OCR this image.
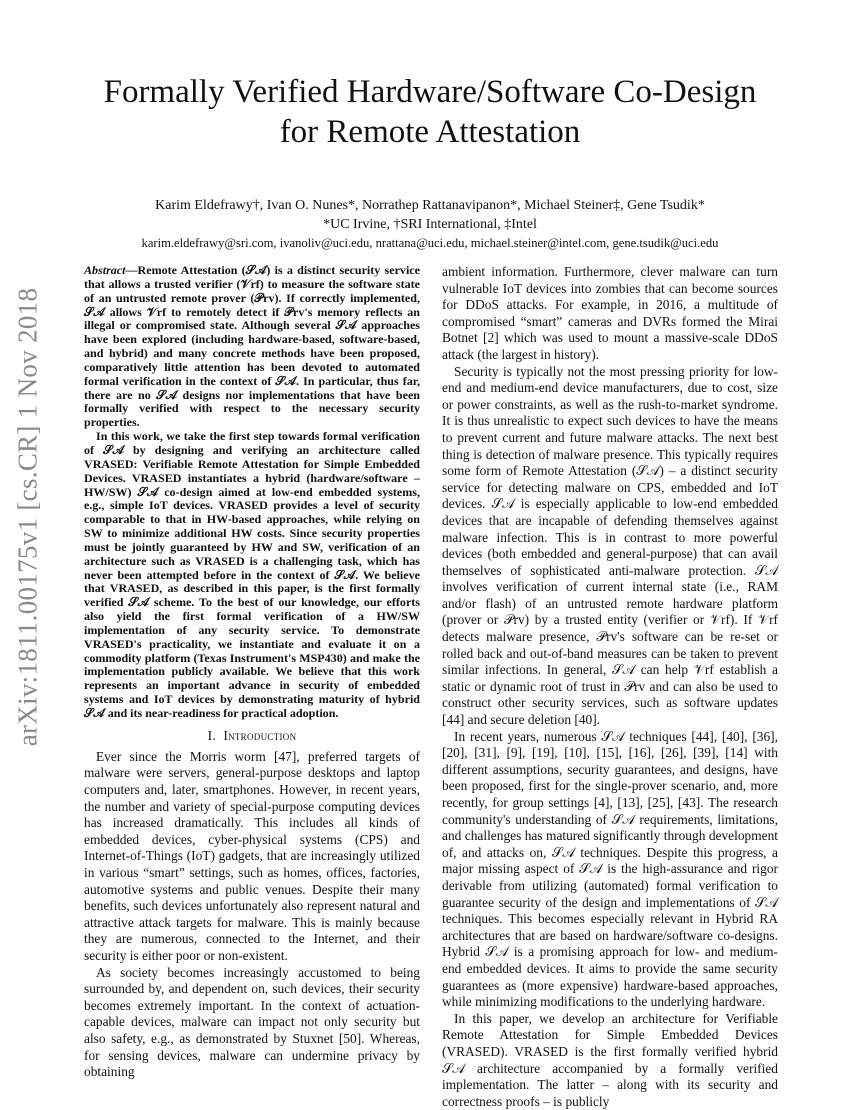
arXiv:1811.00175v1 [cs.CR] 1 Nov 2018
Formally Verified Hardware/Software Co-Design
for Remote Attestation
Karim Eldefrawy†, Ivan O. Nunes*, Norrathep Rattanavipanon*, Michael Steiner‡, Gene Tsudik*
*UC Irvine, †SRI International, ‡Intel
karim.eldefrawy@sri.com, ivanoliv@uci.edu, nrattana@uci.edu, michael.steiner@intel.com, gene.tsudik@uci.edu

Abstract—Remote Attestation (𝒮𝒜) is a distinct security service that allows a trusted verifier (𝒱rf) to measure the software state of an untrusted remote prover (𝒫rv). If correctly implemented, 𝒮𝒜 allows 𝒱rf to remotely detect if 𝒫rv's memory reflects an illegal or compromised state. Although several 𝒮𝒜 approaches have been explored (including hardware-based, software-based, and hybrid) and many concrete methods have been proposed, comparatively little attention has been devoted to automated formal verification in the context of 𝒮𝒜. In particular, thus far, there are no 𝒮𝒜 designs nor implementations that have been formally verified with respect to the necessary security properties.

In this work, we take the first step towards formal verification of 𝒮𝒜 by designing and verifying an architecture called VRASED: Verifiable Remote Attestation for Simple Embedded Devices. VRASED instantiates a hybrid (hardware/software – HW/SW) 𝒮𝒜 co-design aimed at low-end embedded systems, e.g., simple IoT devices. VRASED provides a level of security comparable to that in HW-based approaches, while relying on SW to minimize additional HW costs. Since security properties must be jointly guaranteed by HW and SW, verification of an architecture such as VRASED is a challenging task, which has never been attempted before in the context of 𝒮𝒜. We believe that VRASED, as described in this paper, is the first formally verified 𝒮𝒜 scheme. To the best of our knowledge, our efforts also yield the first formal verification of a HW/SW implementation of any security service. To demonstrate VRASED's practicality, we instantiate and evaluate it on a commodity platform (Texas Instrument's MSP430) and make the implementation publicly available. We believe that this work represents an important advance in security of embedded systems and IoT devices by demonstrating maturity of hybrid 𝒮𝒜 and its near-readiness for practical adoption.

I. Introduction

Ever since the Morris worm [47], preferred targets of malware were servers, general-purpose desktops and laptop computers and, later, smartphones. However, in recent years, the number and variety of special-purpose computing devices has increased dramatically. This includes all kinds of embedded devices, cyber-physical systems (CPS) and Internet-of-Things (IoT) gadgets, that are increasingly utilized in various “smart” settings, such as homes, offices, factories, automotive systems and public venues. Despite their many benefits, such devices unfortunately also represent natural and attractive attack targets for malware. This is mainly because they are numerous, connected to the Internet, and their security is either poor or non-existent.

As society becomes increasingly accustomed to being surrounded by, and dependent on, such devices, their security becomes extremely important. In the context of actuation-capable devices, malware can impact not only security but also safety, e.g., as demonstrated by Stuxnet [50]. Whereas, for sensing devices, malware can undermine privacy by obtaining

ambient information. Furthermore, clever malware can turn vulnerable IoT devices into zombies that can become sources for DDoS attacks. For example, in 2016, a multitude of compromised “smart” cameras and DVRs formed the Mirai Botnet [2] which was used to mount a massive-scale DDoS attack (the largest in history).

Security is typically not the most pressing priority for low-end and medium-end device manufacturers, due to cost, size or power constraints, as well as the rush-to-market syndrome. It is thus unrealistic to expect such devices to have the means to prevent current and future malware attacks. The next best thing is detection of malware presence. This typically requires some form of Remote Attestation (𝒮𝒜) – a distinct security service for detecting malware on CPS, embedded and IoT devices. 𝒮𝒜 is especially applicable to low-end embedded devices that are incapable of defending themselves against malware infection. This is in contrast to more powerful devices (both embedded and general-purpose) that can avail themselves of sophisticated anti-malware protection. 𝒮𝒜 involves verification of current internal state (i.e., RAM and/or flash) of an untrusted remote hardware platform (prover or 𝒫rv) by a trusted entity (verifier or 𝒱rf). If 𝒱rf detects malware presence, 𝒫rv's software can be re-set or rolled back and out-of-band measures can be taken to prevent similar infections. In general, 𝒮𝒜 can help 𝒱rf establish a static or dynamic root of trust in 𝒫rv and can also be used to construct other security services, such as software updates [44] and secure deletion [40].

In recent years, numerous 𝒮𝒜 techniques [44], [40], [36], [20], [31], [9], [19], [10], [15], [16], [26], [39], [14] with different assumptions, security guarantees, and designs, have been proposed, first for the single-prover scenario, and, more recently, for group settings [4], [13], [25], [43]. The research community's understanding of 𝒮𝒜 requirements, limitations, and challenges has matured significantly through development of, and attacks on, 𝒮𝒜 techniques. Despite this progress, a major missing aspect of 𝒮𝒜 is the high-assurance and rigor derivable from utilizing (automated) formal verification to guarantee security of the design and implementations of 𝒮𝒜 techniques. This becomes especially relevant in Hybrid RA architectures that are based on hardware/software co-designs. Hybrid 𝒮𝒜 is a promising approach for low- and medium-end embedded devices. It aims to provide the same security guarantees as (more expensive) hardware-based approaches, while minimizing modifications to the underlying hardware.

In this paper, we develop an architecture for Verifiable Remote Attestation for Simple Embedded Devices (VRASED). VRASED is the first formally verified hybrid 𝒮𝒜 architecture accompanied by a formally verified implementation. The latter – along with its security and correctness proofs – is publicly
